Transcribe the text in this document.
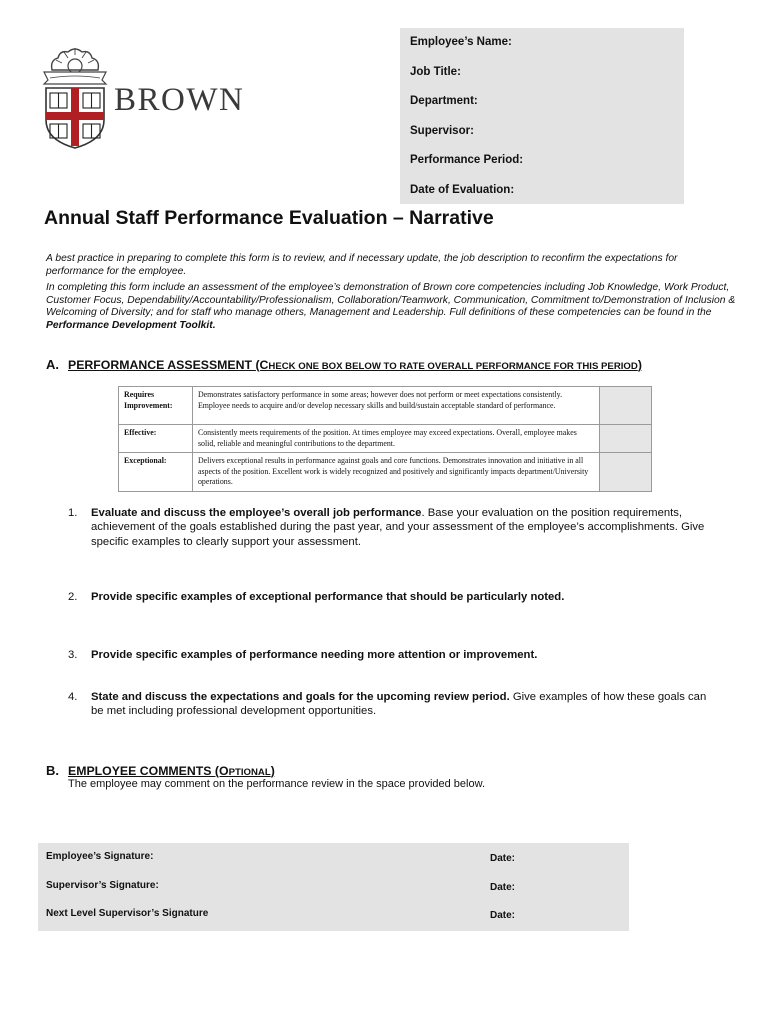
BROWN
Employee’s Name:
Job Title:
Department:
Supervisor:
Performance Period:
Date of Evaluation:
Annual Staff Performance Evaluation – Narrative

A best practice in preparing to complete this form is to review, and if necessary update, the job description to reconfirm the expectations for performance for the employee.

In completing this form include an assessment of the employee’s demonstration of Brown core competencies including Job Knowledge, Work Product, Customer Focus, Dependability/Accountability/Professionalism, Collaboration/Teamwork, Communication, Commitment to/Demonstration of Inclusion & Welcoming of Diversity; and for staff who manage others, Management and Leadership. Full definitions of these competencies can be found in the Performance Development Toolkit.

A. PERFORMANCE ASSESSMENT (CHECK ONE BOX BELOW TO RATE OVERALL PERFORMANCE FOR THIS PERIOD)
Requires Improvement:	Demonstrates satisfactory performance in some areas; however does not perform or meet expectations consistently. Employee needs to acquire and/or develop necessary skills and build/sustain acceptable standard of performance.	
Effective:	Consistently meets requirements of the position. At times employee may exceed expectations. Overall, employee makes solid, reliable and meaningful contributions to the department.	
Exceptional:	Delivers exceptional results in performance against goals and core functions. Demonstrates innovation and initiative in all aspects of the position. Excellent work is widely recognized and positively and significantly impacts department/University operations.	
1. Evaluate and discuss the employee’s overall job performance. Base your evaluation on the position requirements, achievement of the goals established during the past year, and your assessment of the employee’s accomplishments. Give specific examples to clearly support your assessment.
2. Provide specific examples of exceptional performance that should be particularly noted.
3. Provide specific examples of performance needing more attention or improvement.
4. State and discuss the expectations and goals for the upcoming review period. Give examples of how these goals can be met including professional development opportunities.
B. EMPLOYEE COMMENTS (OPTIONAL)
The employee may comment on the performance review in the space provided below.
Employee’s Signature:	Date:
Supervisor’s Signature:	Date:
Next Level Supervisor’s Signature	Date:
